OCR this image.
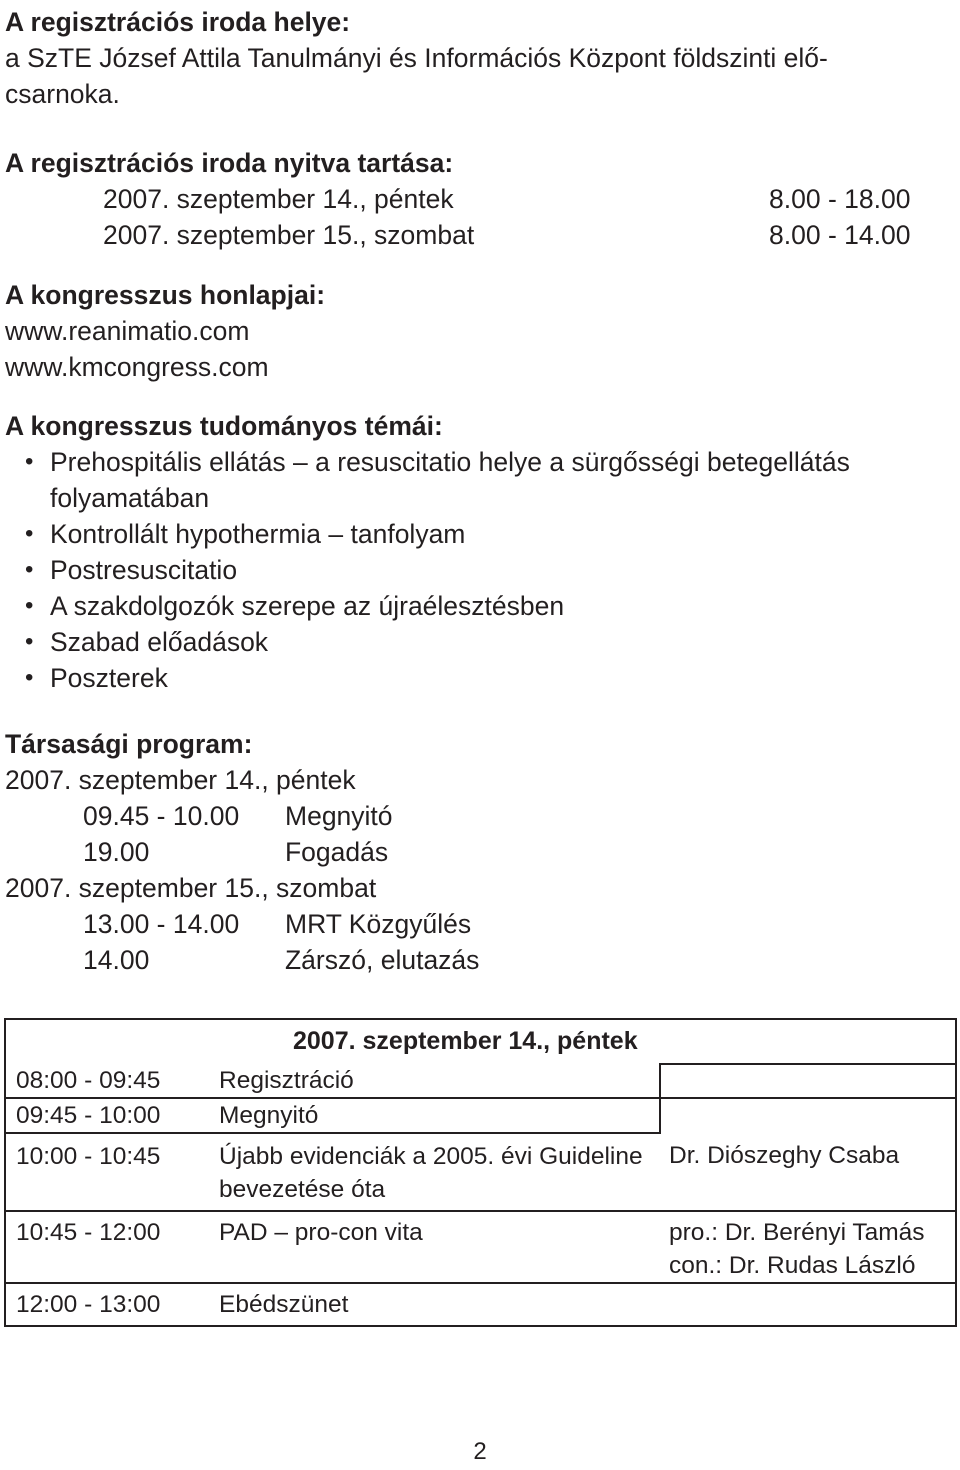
A regisztrációs iroda helye:
a SzTE József Attila Tanulmányi és Információs Központ földszinti elő-
csarnoka.
A regisztrációs iroda nyitva tartása:
2007. szeptember 14., péntek	8.00 - 18.00
2007. szeptember 15., szombat	8.00 - 14.00
A kongresszus honlapjai:
www.reanimatio.com
www.kmcongress.com
A kongresszus tudományos témái:
• Prehospitális ellátás – a resuscitatio helye a sürgősségi betegellátás folyamatában
• Kontrollált hypothermia – tanfolyam
• Postresuscitatio
• A szakdolgozók szerepe az újraélesztésben
• Szabad előadások
• Poszterek
Társasági program:
2007. szeptember 14., péntek
09.45 - 10.00	Megnyitó
19.00	Fogadás
2007. szeptember 15., szombat
13.00 - 14.00	MRT Közgyűlés
14.00	Zárszó, elutazás
2007. szeptember 14., péntek		

08:00 - 09:45	Regisztráció	
09:45 - 10:00	Megnyitó	
10:00 - 10:45	Újabb evidenciák a 2005. évi Guideline bevezetése óta	Dr. Diószeghy Csaba
10:45 - 12:00	PAD – pro-con vita	pro.: Dr. Berényi Tamás con.: Dr. Rudas László
12:00 - 13:00	Ebédszünet	
2
